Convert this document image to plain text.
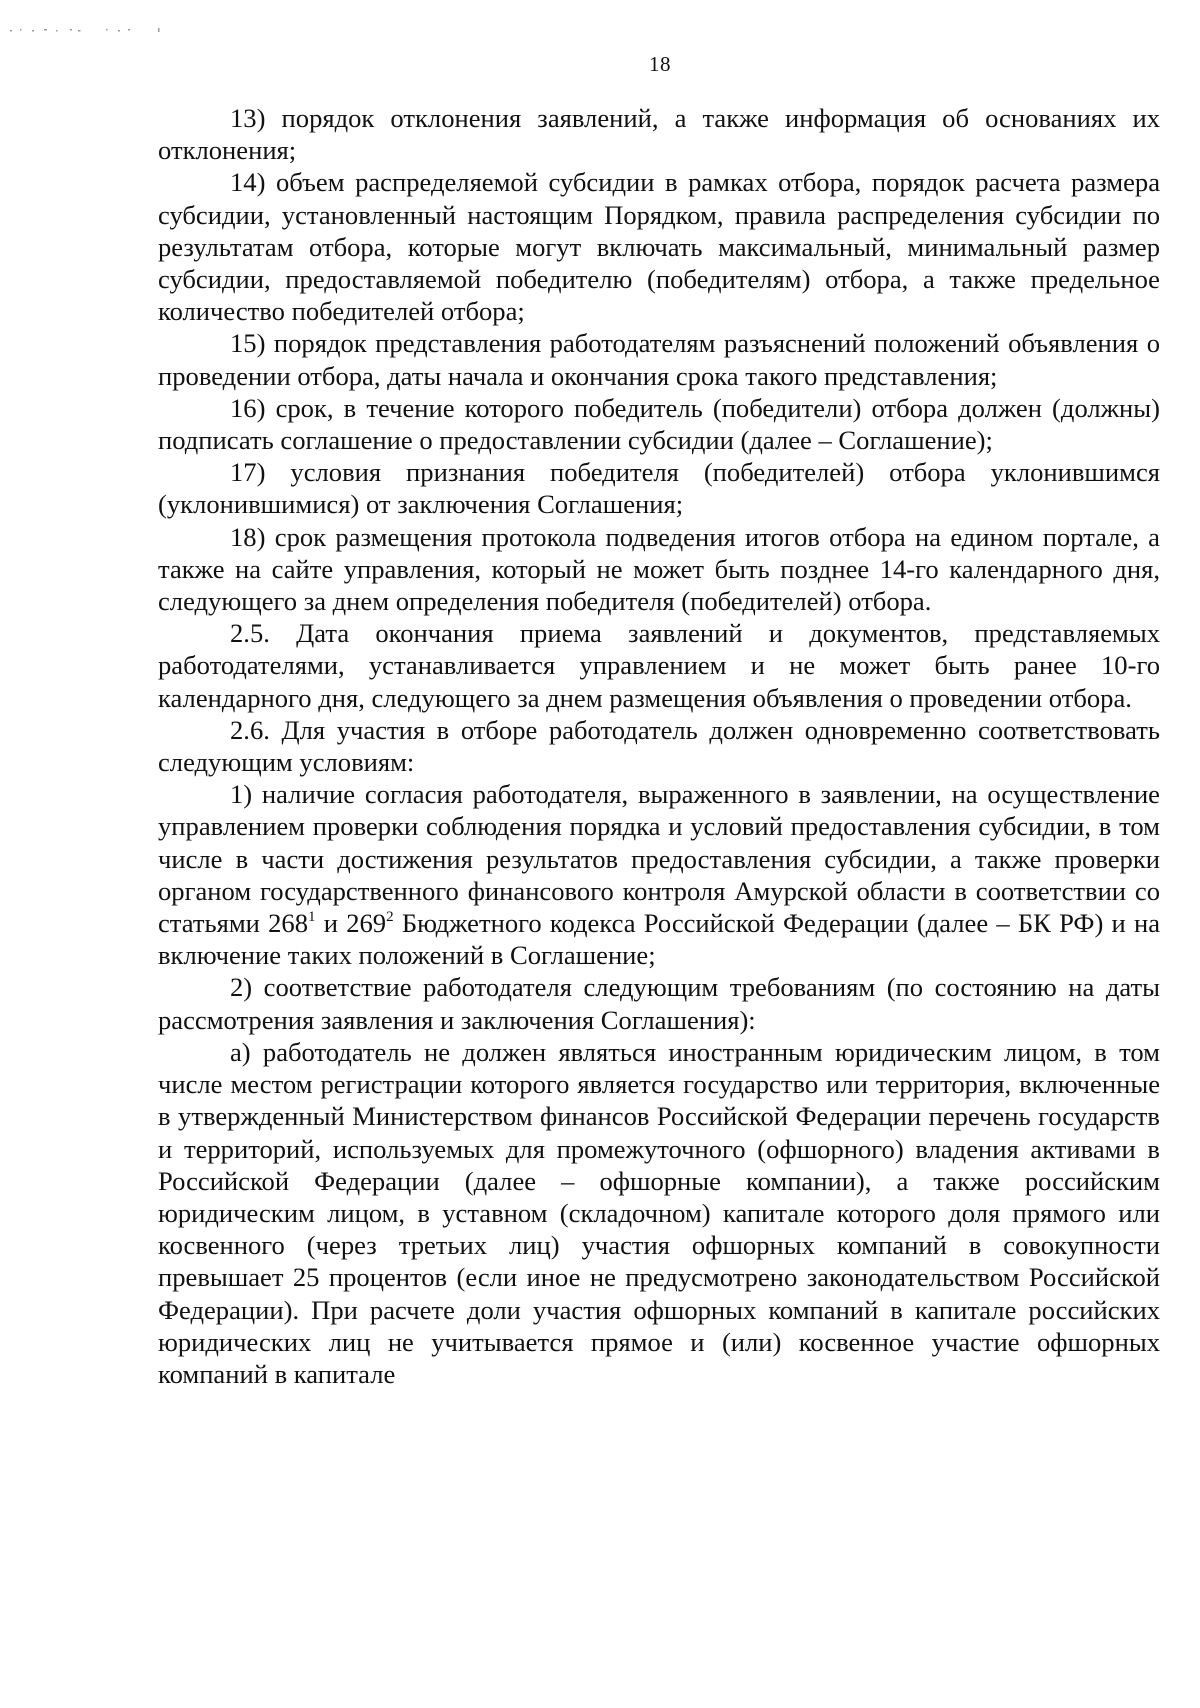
18

13) порядок отклонения заявлений, а также информация об основаниях их отклонения;

14) объем распределяемой субсидии в рамках отбора, порядок расчета размера субсидии, установленный настоящим Порядком, правила распределения субсидии по результатам отбора, которые могут включать максимальный, минимальный размер субсидии, предоставляемой победителю (победителям) отбора, а также предельное количество победителей отбора;

15) порядок представления работодателям разъяснений положений объявления о проведении отбора, даты начала и окончания срока такого представления;

16) срок, в течение которого победитель (победители) отбора должен (должны) подписать соглашение о предоставлении субсидии (далее – Соглашение);

17) условия признания победителя (победителей) отбора уклонившимся (уклонившимися) от заключения Соглашения;

18) срок размещения протокола подведения итогов отбора на едином портале, а также на сайте управления, который не может быть позднее 14-го календарного дня, следующего за днем определения победителя (победителей) отбора.

2.5. Дата окончания приема заявлений и документов, представляемых работодателями, устанавливается управлением и не может быть ранее 10-го календарного дня, следующего за днем размещения объявления о проведении отбора.

2.6. Для участия в отборе работодатель должен одновременно соответствовать следующим условиям:

1) наличие согласия работодателя, выраженного в заявлении, на осуществление управлением проверки соблюдения порядка и условий предоставления субсидии, в том числе в части достижения результатов предоставления субсидии, а также проверки органом государственного финансового контроля Амурской области в соответствии со статьями $268^1$ и $269^2$ Бюджетного кодекса Российской Федерации (далее – БК РФ) и на включение таких положений в Соглашение;

2) соответствие работодателя следующим требованиям (по состоянию на даты рассмотрения заявления и заключения Соглашения):

а) работодатель не должен являться иностранным юридическим лицом, в том числе местом регистрации которого является государство или территория, включенные в утвержденный Министерством финансов Российской Федерации перечень государств и территорий, используемых для промежуточного (офшорного) владения активами в Российской Федерации (далее – офшорные компании), а также российским юридическим лицом, в уставном (складочном) капитале которого доля прямого или косвенного (через третьих лиц) участия офшорных компаний в совокупности превышает 25 процентов (если иное не предусмотрено законодательством Российской Федерации). При расчете доли участия офшорных компаний в капитале российских юридических лиц не учитывается прямое и (или) косвенное участие офшорных компаний в капитале
